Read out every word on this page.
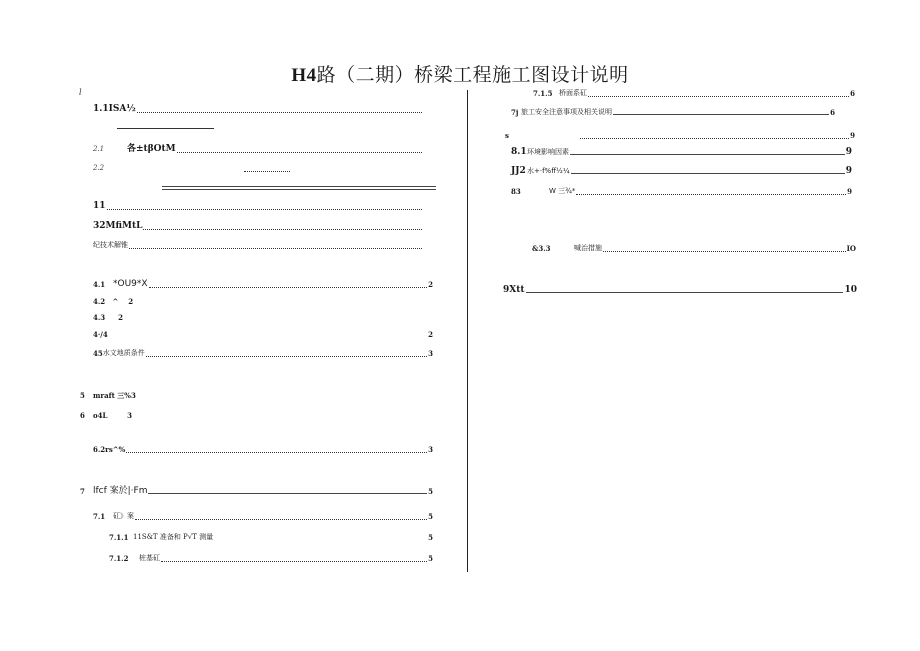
H4路（二期）桥梁工程施工图设计说明
l
1.1ISA½
2.1	各±tβOtM
2.2
11
32MfiMtL
纪技术解锥
4.1 *OU9*X	2
4.2	^	2
4.3	2
4·/4	2
45 水文地质条件	3
5	mraft 三%3
6	o4L	3
6.2rs^%	3
7 lfcf 案於|·Fm	5
7.1	矼》案	5
7.1.1 11S&T 准备和 P√T 测量	5
7.1.2	桩基矼	5
7.1.5 桥面系矼	6
7j 旅工安全注意事项及相关说明	6
s	9
8.1 环境影响因素	9
JJ2 水+·f%ff½¼	9
83	W 三¾*	9
&3.3	喊治措施	IO
9Xtt	10
